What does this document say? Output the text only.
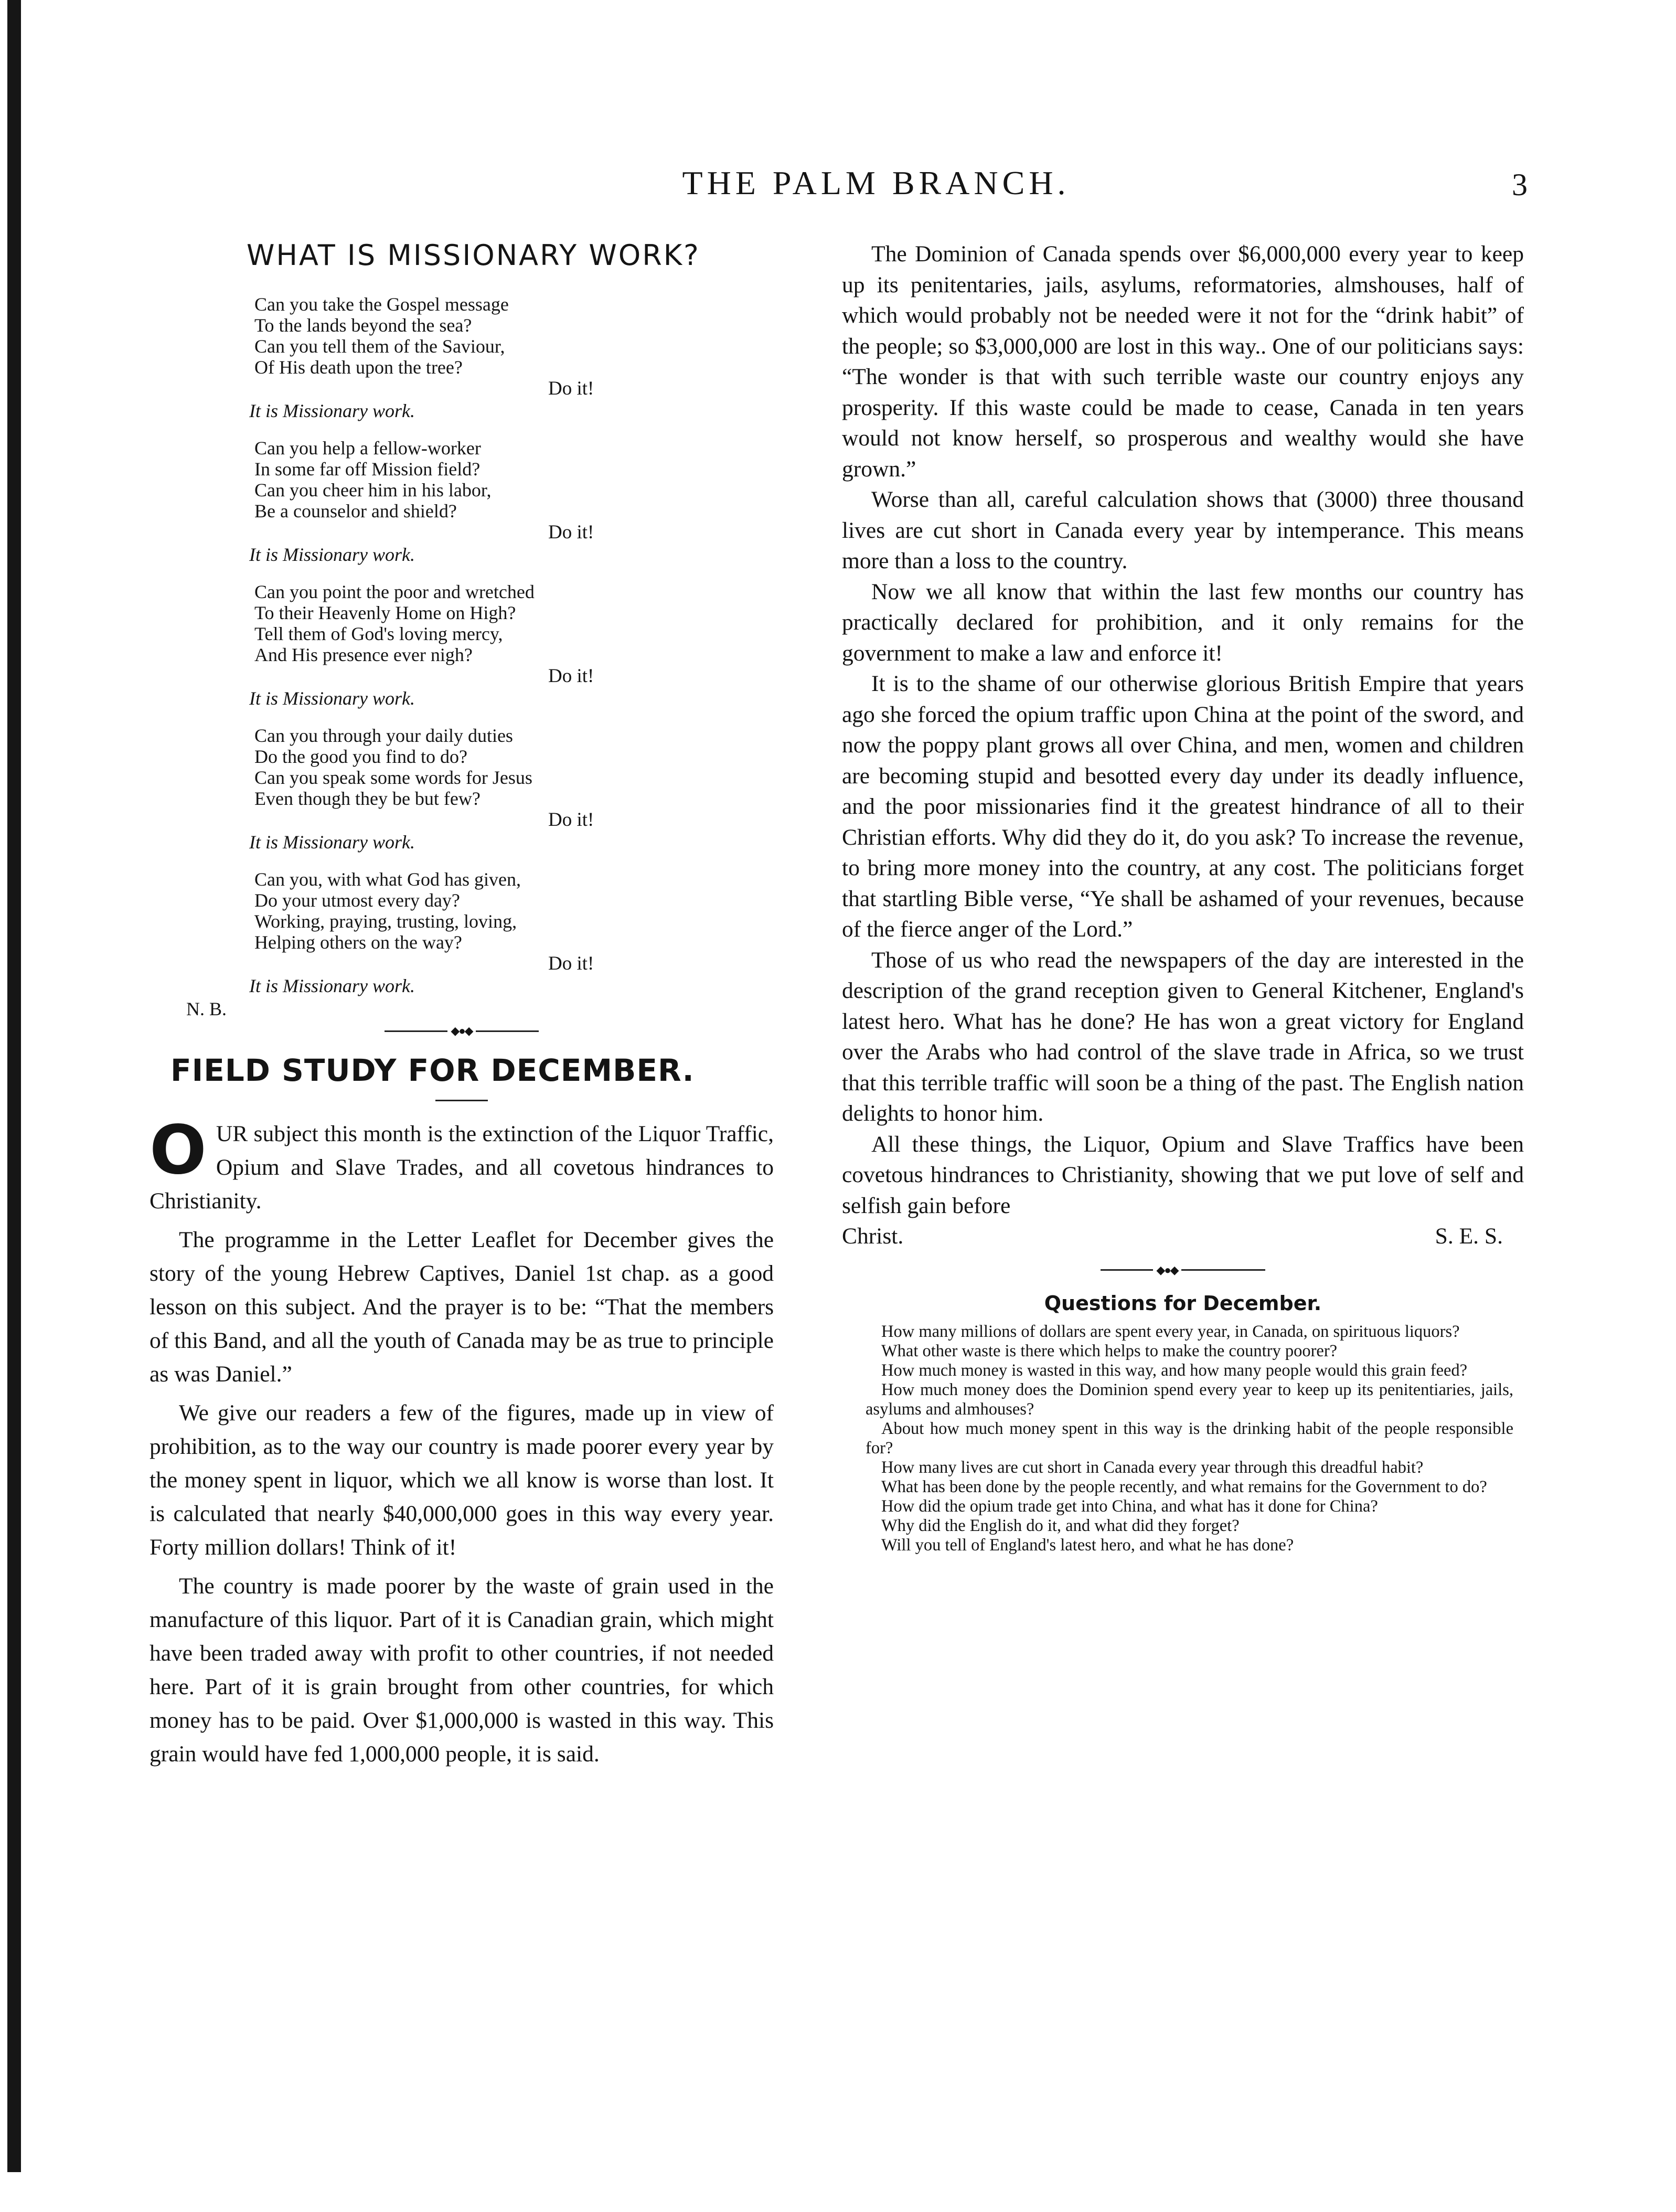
THE PALM BRANCH.	3
WHAT IS MISSIONARY WORK?
Can you take the Gospel message
To the lands beyond the sea?
Can you tell them of the Saviour,
Of His death upon the tree?
Do it!
It is Missionary work.
Can you help a fellow-worker
In some far off Mission field?
Can you cheer him in his labor,
Be a counselor and shield?
Do it!
It is Missionary work.
Can you point the poor and wretched
To their Heavenly Home on High?
Tell them of God's loving mercy,
And His presence ever nigh?
Do it!
It is Missionary work.
Can you through your daily duties
Do the good you find to do?
Can you speak some words for Jesus
Even though they be but few?
Do it!
It is Missionary work.
Can you, with what God has given,
Do your utmost every day?
Working, praying, trusting, loving,
Helping others on the way?
Do it!
It is Missionary work.
N. B.
◆●◆
FIELD STUDY FOR DECEMBER.

OUR subject this month is the extinction of the Liquor Traffic, Opium and Slave Trades, and all covetous hindrances to Christianity.

The programme in the Letter Leaflet for December gives the story of the young Hebrew Captives, Daniel 1st chap. as a good lesson on this subject. And the prayer is to be: “That the members of this Band, and all the youth of Canada may be as true to principle as was Daniel.”

We give our readers a few of the figures, made up in view of prohibition, as to the way our country is made poorer every year by the money spent in liquor, which we all know is worse than lost. It is calculated that nearly $40,000,000 goes in this way every year. Forty million dollars! Think of it!

The country is made poorer by the waste of grain used in the manufacture of this liquor. Part of it is Canadian grain, which might have been traded away with profit to other countries, if not needed here. Part of it is grain brought from other countries, for which money has to be paid. Over $1,000,000 is wasted in this way. This grain would have fed 1,000,000 people, it is said.

The Dominion of Canada spends over $6,000,000 every year to keep up its penitentaries, jails, asylums, reformatories, almshouses, half of which would probably not be needed were it not for the “drink habit” of the people; so $3,000,000 are lost in this way.. One of our politicians says: “The wonder is that with such terrible waste our country enjoys any prosperity. If this waste could be made to cease, Canada in ten years would not know herself, so prosperous and wealthy would she have grown.”

Worse than all, careful calculation shows that (3000) three thousand lives are cut short in Canada every year by intemperance. This means more than a loss to the country.

Now we all know that within the last few months our country has practically declared for prohibition, and it only remains for the government to make a law and enforce it!

It is to the shame of our otherwise glorious British Empire that years ago she forced the opium traffic upon China at the point of the sword, and now the poppy plant grows all over China, and men, women and children are becoming stupid and besotted every day under its deadly influence, and the poor missionaries find it the greatest hindrance of all to their Christian efforts. Why did they do it, do you ask? To increase the revenue, to bring more money into the country, at any cost. The politicians forget that startling Bible verse, “Ye shall be ashamed of your revenues, because of the fierce anger of the Lord.”

Those of us who read the newspapers of the day are interested in the description of the grand reception given to General Kitchener, England's latest hero. What has he done? He has won a great victory for England over the Arabs who had control of the slave trade in Africa, so we trust that this terrible traffic will soon be a thing of the past. The English nation delights to honor him.

All these things, the Liquor, Opium and Slave Traffics have been covetous hindrances to Christianity, showing that we put love of self and selfish gain before

Christ.	S. E. S.
◆●◆
Questions for December.

How many millions of dollars are spent every year, in Canada, on spirituous liquors?

What other waste is there which helps to make the country poorer?

How much money is wasted in this way, and how many people would this grain feed?

How much money does the Dominion spend every year to keep up its penitentiaries, jails, asylums and almhouses?

About how much money spent in this way is the drinking habit of the people responsible for?

How many lives are cut short in Canada every year through this dreadful habit?

What has been done by the people recently, and what remains for the Government to do?

How did the opium trade get into China, and what has it done for China?

Why did the English do it, and what did they forget?

Will you tell of England's latest hero, and what he has done?
